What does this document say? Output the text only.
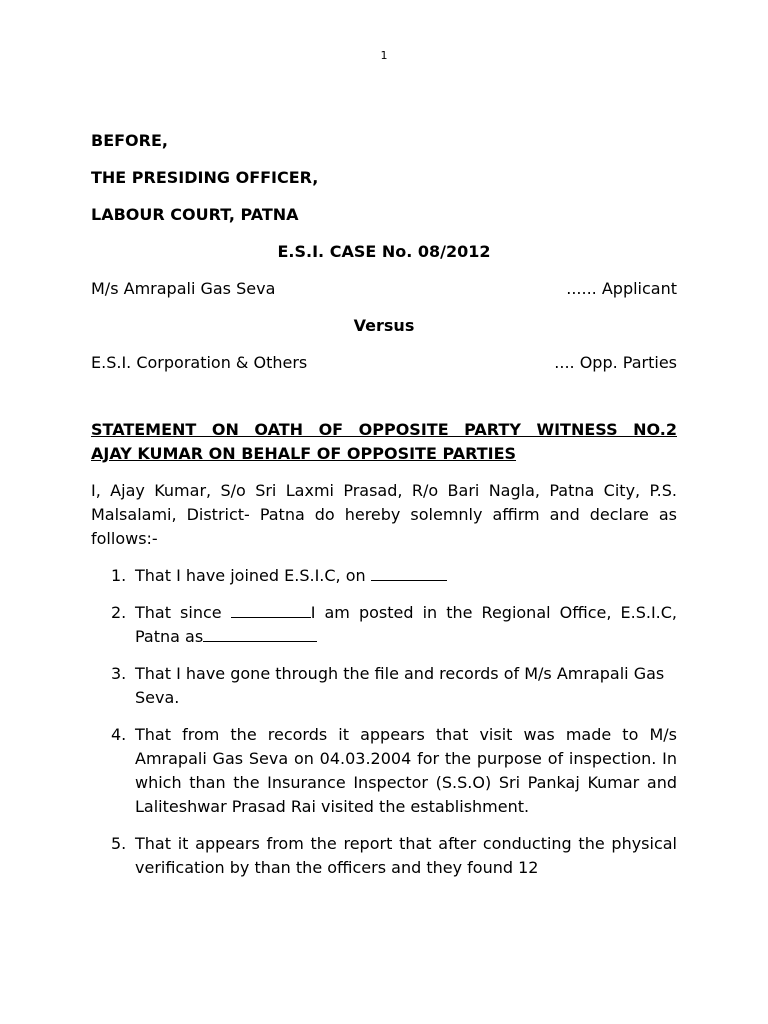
1
BEFORE,
THE PRESIDING OFFICER,
LABOUR COURT, PATNA
E.S.I. CASE No. 08/2012
M/s Amrapali Gas Seva	...... Applicant
Versus
E.S.I. Corporation & Others	.... Opp. Parties
STATEMENT ON OATH OF OPPOSITE PARTY WITNESS NO.2
AJAY KUMAR ON BEHALF OF OPPOSITE PARTIES
I, Ajay Kumar, S/o Sri Laxmi Prasad, R/o Bari Nagla, Patna City, P.S. Malsalami, District- Patna do hereby solemnly affirm and declare as follows:-
1. That I have joined E.S.I.C, on
2. That since	I am posted in the Regional Office, E.S.I.C, Patna as
3. That I have gone through the file and records of M/s Amrapali Gas Seva.
4. That from the records it appears that visit was made to M/s Amrapali Gas Seva on 04.03.2004 for the purpose of inspection. In which than the Insurance Inspector (S.S.O) Sri Pankaj Kumar and Laliteshwar Prasad Rai visited the establishment.
5. That it appears from the report that after conducting the physical verification by than the officers and they found 12
